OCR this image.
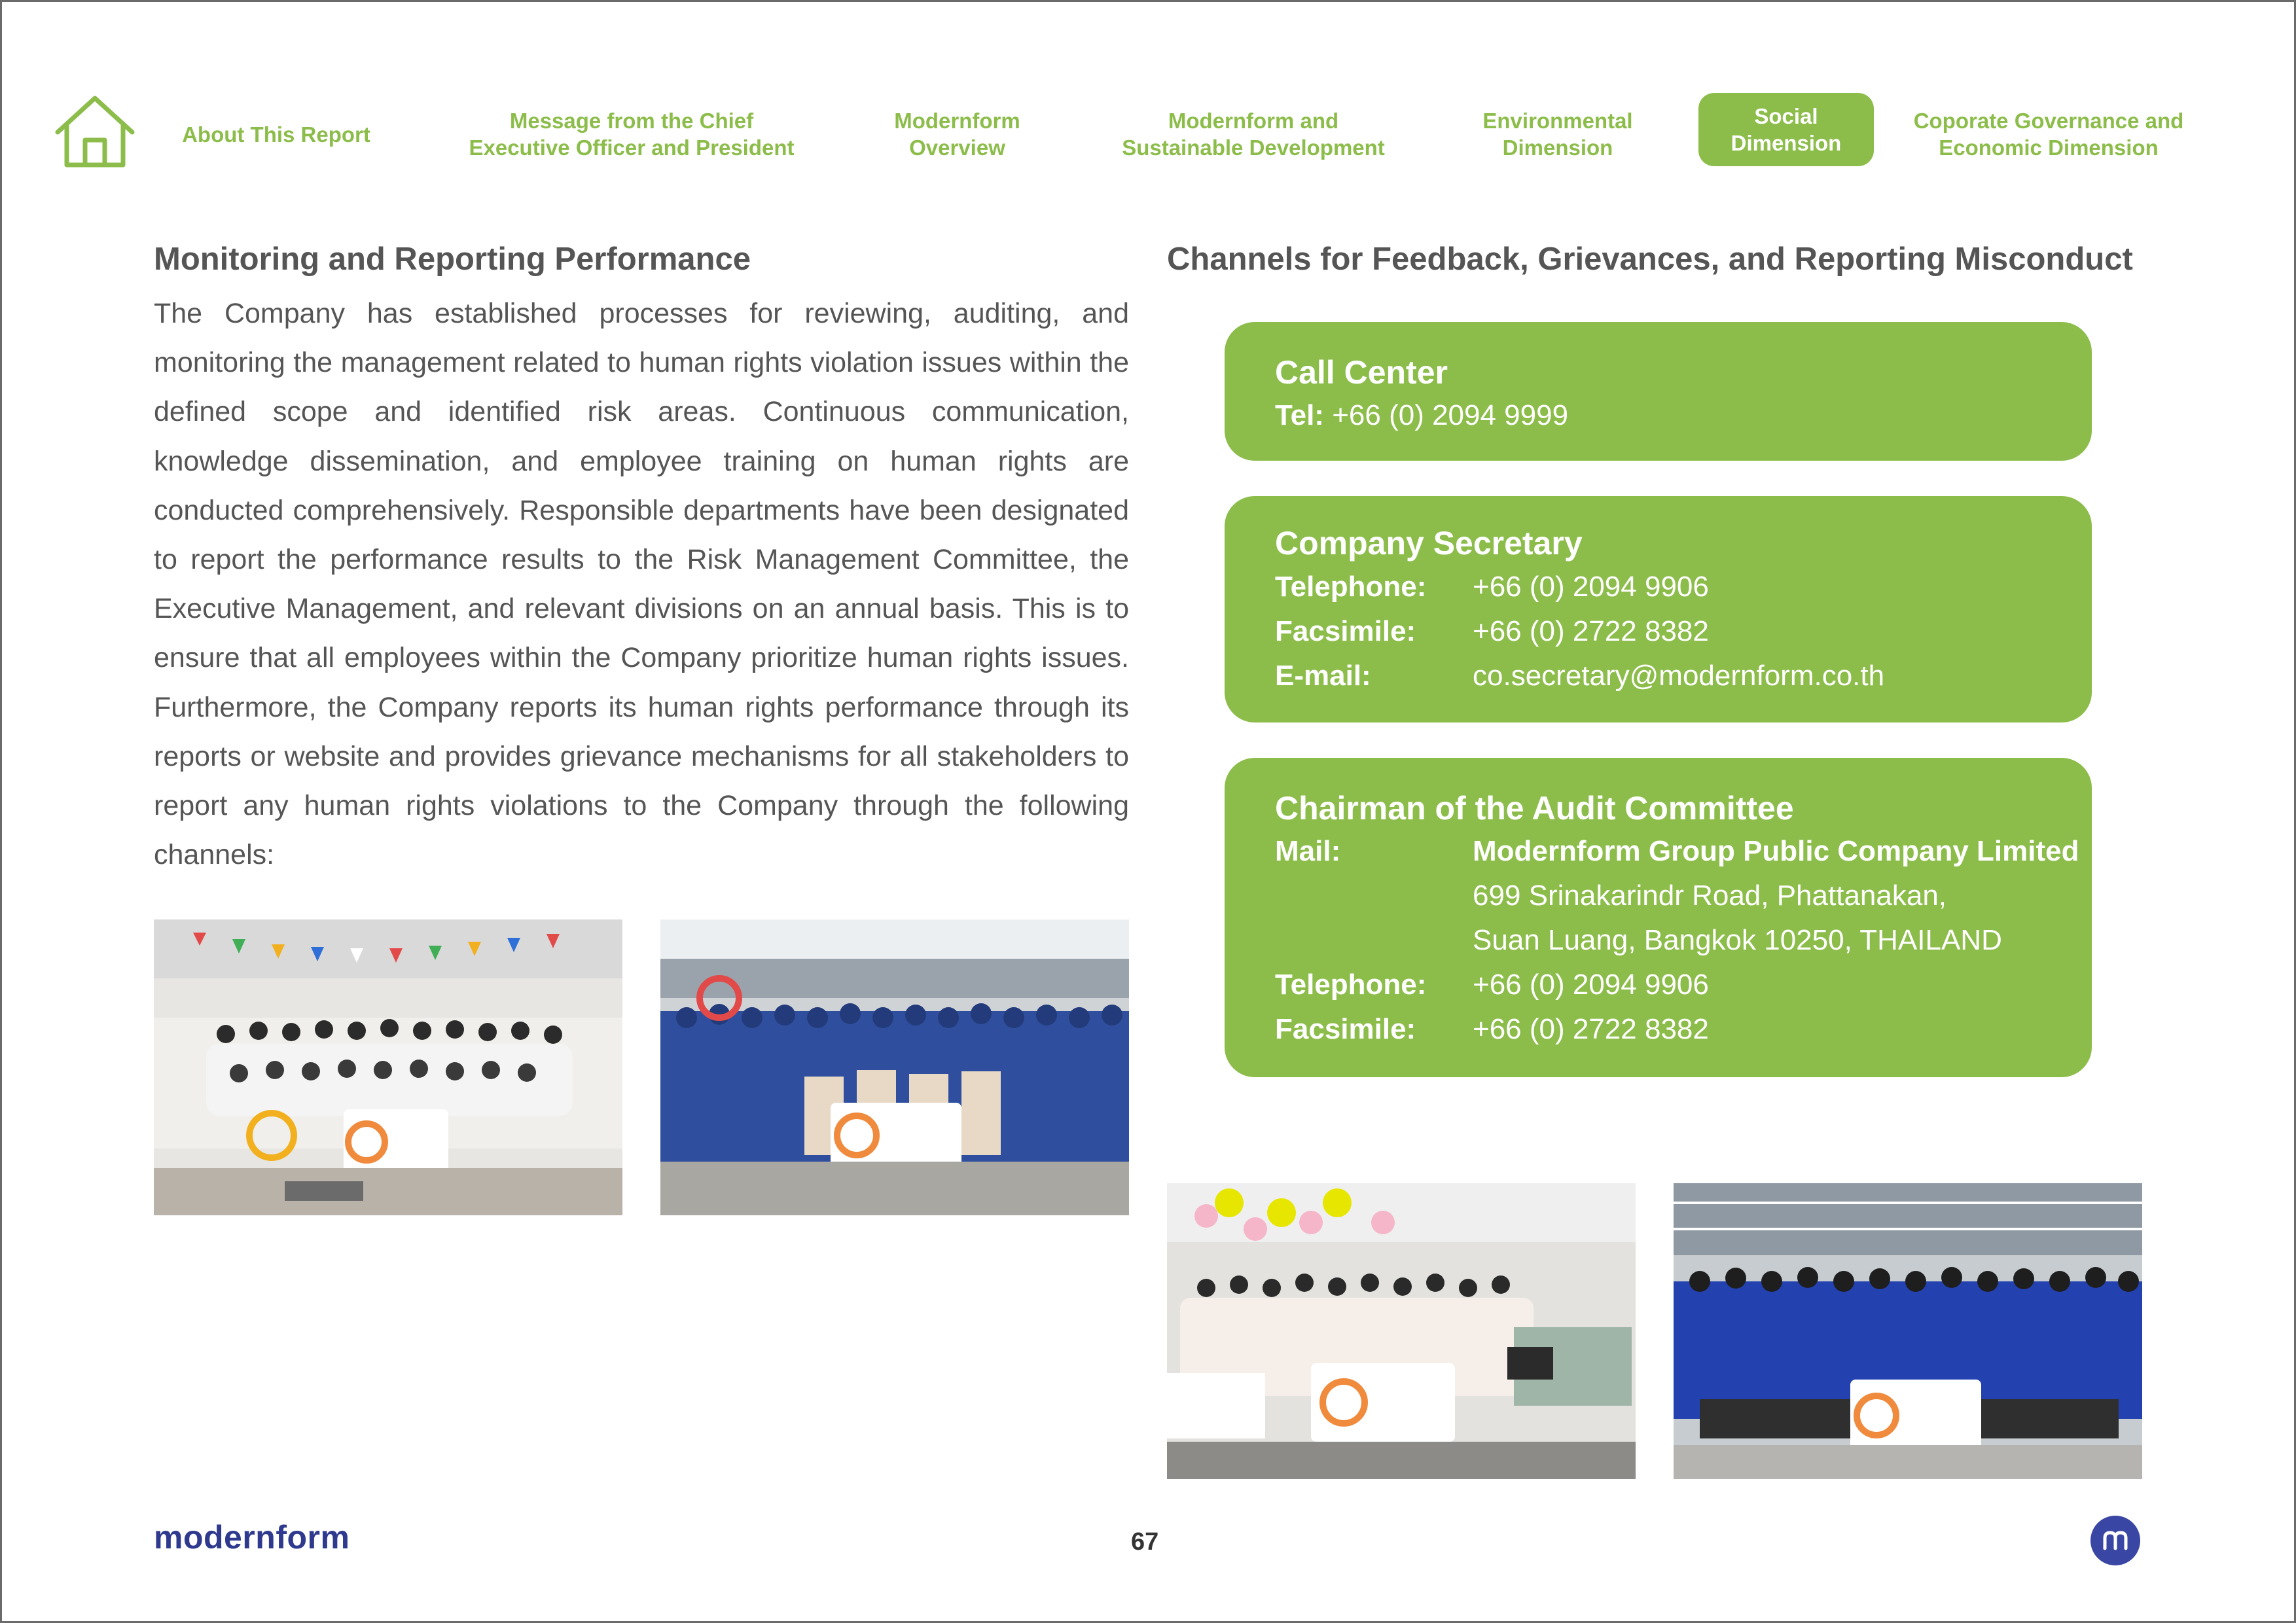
About This Report
Message from the Chief
Executive Officer and President
Modernform
Overview
Modernform and
Sustainable Development
Environmental
Dimension
Social
Dimension
Coporate Governance and
Economic Dimension
Monitoring and Reporting Performance
The Company has established processes for reviewing, auditing, and monitoring the management related to human rights violation issues within the defined scope and identified risk areas. Continuous communication, knowledge dissemination, and employee training on human rights are conducted comprehensively. Responsible departments have been designated to report the performance results to the Risk Management Committee, the Executive Management, and relevant divisions on an annual basis. This is to ensure that all employees within the Company prioritize human rights issues. Furthermore, the Company reports its human rights performance through its reports or website and provides grievance mechanisms for all stakeholders to report any human rights violations to the Company through the following channels:
Channels for Feedback, Grievances, and Reporting Misconduct
Call Center
Tel:
+66 (0) 2094 9999
Company Secretary
Telephone: +66 (0) 2094 9906
Facsimile: +66 (0) 2722 8382
E-mail:	co.secretary@modernform.co.th
Chairman of the Audit Committee
Mail:	Modernform Group Public Company Limited
699 Srinakarindr Road, Phattanakan,
Suan Luang, Bangkok 10250, THAILAND
Telephone: +66 (0) 2094 9906
Facsimile: +66 (0) 2722 8382
modernform	67
